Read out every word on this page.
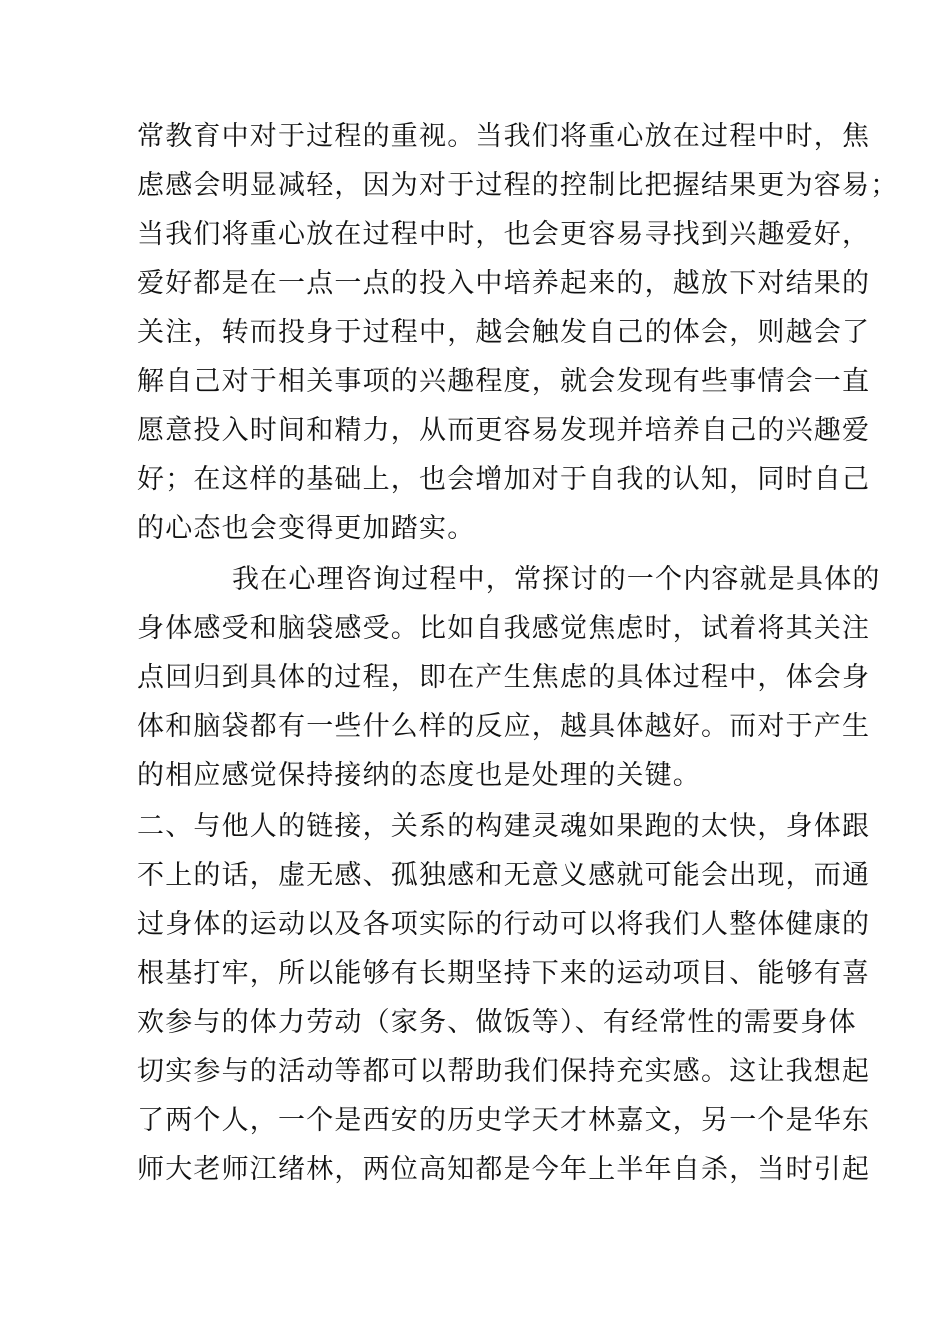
常教育中对于过程的重视。当我们将重心放在过程中时，焦
虑感会明显减轻，因为对于过程的控制比把握结果更为容易；
当我们将重心放在过程中时，也会更容易寻找到兴趣爱好，
爱好都是在一点一点的投入中培养起来的，越放下对结果的
关注，转而投身于过程中，越会触发自己的体会，则越会了
解自己对于相关事项的兴趣程度，就会发现有些事情会一直
愿意投入时间和精力，从而更容易发现并培养自己的兴趣爱
好；在这样的基础上，也会增加对于自我的认知，同时自己
的心态也会变得更加踏实。
我在心理咨询过程中，常探讨的一个内容就是具体的
身体感受和脑袋感受。比如自我感觉焦虑时，试着将其关注
点回归到具体的过程，即在产生焦虑的具体过程中，体会身
体和脑袋都有一些什么样的反应，越具体越好。而对于产生
的相应感觉保持接纳的态度也是处理的关键。
二、与他人的链接，关系的构建灵魂如果跑的太快，身体跟
不上的话，虚无感、孤独感和无意义感就可能会出现，而通
过身体的运动以及各项实际的行动可以将我们人整体健康的
根基打牢，所以能够有长期坚持下来的运动项目、能够有喜
欢参与的体力劳动（家务、做饭等）、有经常性的需要身体
切实参与的活动等都可以帮助我们保持充实感。这让我想起
了两个人，一个是西安的历史学天才林嘉文，另一个是华东
师大老师江绪林，两位高知都是今年上半年自杀，当时引起
